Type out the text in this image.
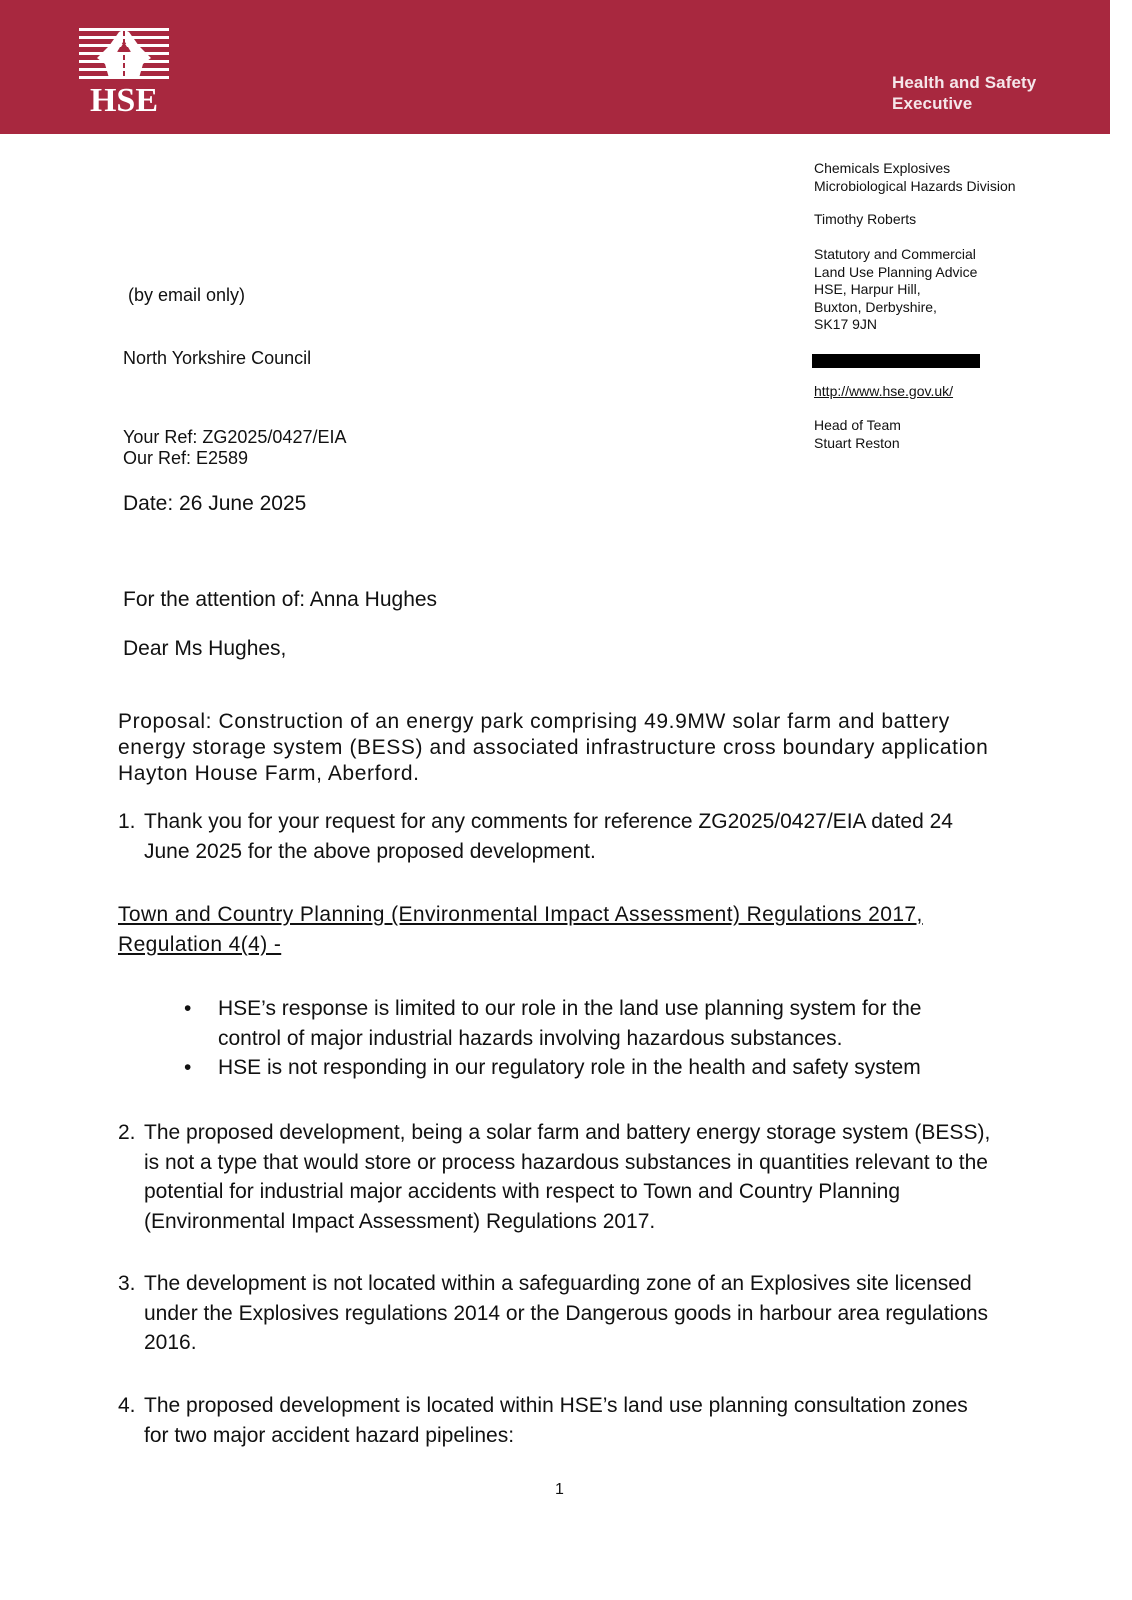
HSE	Health and Safety
Executive
Chemicals Explosives
Microbiological Hazards Division
Timothy Roberts
Statutory and Commercial
Land Use Planning Advice
HSE, Harpur Hill,
Buxton, Derbyshire,
SK17 9JN
http://www.hse.gov.uk/
Head of Team
Stuart Reston

(by email only)

North Yorkshire Council

Your Ref: ZG2025/0427/EIA
Our Ref: E2589
Date: 26 June 2025
For the attention of: Anna Hughes
Dear Ms Hughes,
Proposal: Construction of an energy park comprising 49.9MW solar farm and battery energy storage system (BESS) and associated infrastructure cross boundary application Hayton House Farm, Aberford.
1. Thank you for your request for any comments for reference ZG2025/0427/EIA dated 24 June 2025 for the above proposed development.
Town and Country Planning (Environmental Impact Assessment) Regulations 2017, Regulation 4(4) -
• HSE’s response is limited to our role in the land use planning system for the control of major industrial hazards involving hazardous substances.
• HSE is not responding in our regulatory role in the health and safety system
2. The proposed development, being a solar farm and battery energy storage system (BESS), is not a type that would store or process hazardous substances in quantities relevant to the potential for industrial major accidents with respect to Town and Country Planning (Environmental Impact Assessment) Regulations 2017.
3. The development is not located within a safeguarding zone of an Explosives site licensed under the Explosives regulations 2014 or the Dangerous goods in harbour area regulations 2016.
4. The proposed development is located within HSE’s land use planning consultation zones for two major accident hazard pipelines:
1
